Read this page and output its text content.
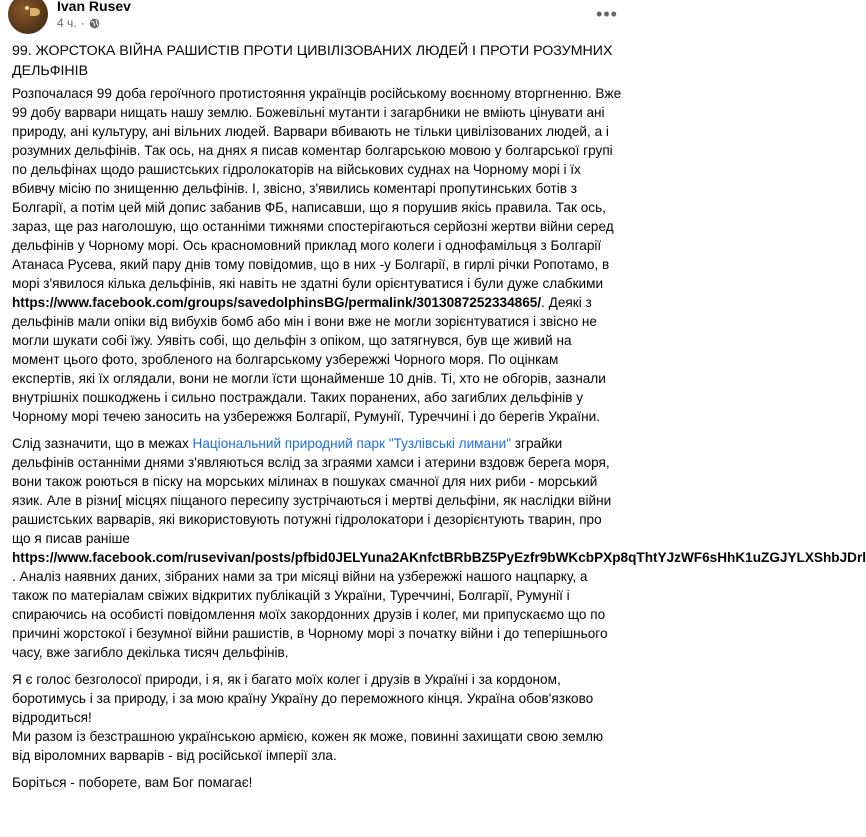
Ivan Rusev
4 ч. ·	•••
99. ЖОРСТОКА ВІЙНА РАШИСТІВ ПРОТИ ЦИВІЛІЗОВАНИХ ЛЮДЕЙ І ПРОТИ РОЗУМНИХ ДЕЛЬФІНІВ

Розпочалася 99 доба героїчного протистояння українців російському воєнному вторгненню. Вже 99 добу варвари нищать нашу землю. Божевільні мутанти і загарбники не вміють цінувати ані природу, ані культуру, ані вільних людей. Варвари вбивають не тільки цивілізованих людей, а і розумних дельфінів. Так ось, на днях я писав коментар болгарською мовою у болгарської групі по дельфінах щодо рашистських гідролокаторів на військових суднах на Чорному морі і їх вбивчу місію по знищенню дельфінів. І, звісно, з'явились коментарі пропутинських ботів з Болгарії, а потім цей мій допис забанив ФБ, написавши, що я порушив якісь правила. Так ось, зараз, ще раз наголошую, що останніми тижнями спостерігаються серйозні жертви війни серед дельфінів у Чорному морі. Ось красномовний приклад мого колеги і однофамільця з Болгарії Атанаса Русева, який пару днів тому повідомив, що в них -у Болгарії, в гирлі річки Ропотамо, в морі з'явилося кілька дельфінів, які навіть не здатні були орієнтуватися і були дуже слабкими https://www.facebook.com/groups/savedolphinsBG/permalink/3013087252334865/. Деякі з дельфінів мали опіки від вибухів бомб або мін і вони вже не могли зорієнтуватися і звісно не могли шукати собі їжу. Уявіть собі, що дельфін з опіком, що затягнувся, був ще живий на момент цього фото, зробленого на болгарському узбережжі Чорного моря. По оцінкам експертів, які їх оглядали, вони не могли їсти щонайменше 10 днів. Ті, хто не обгорів, зазнали внутрішніх пошкоджень і сильно постраждали. Таких поранених, або загиблих дельфінів у Чорному морі течею заносить на узбережжя Болгарії, Румунії, Туреччині і до берегів України.

Слід зазначити, що в межах Національний природний парк "Тузлівські лимани" зграйки дельфінів останніми днями з'являються вслід за зграями хамси і атерини вздовж берега моря, вони також роються в піску на морських мілинах в пошуках смачної для них риби - морський язик. Але в різни[ місцях піщаного пересипу зустрічаються і мертві дельфіни, як наслідки війни рашистських варварів, які використовують потужні гідролокатори і дезорієнтують тварин, про що я писав раніше https://www.facebook.com/rusevivan/posts/pfbid0JELYuna2AKnfctBRbBZ5PyEzfr9bWKcbPXp8qThtYJzWF6sHhK1uZGJYLXShbJDrl . Аналіз наявних даних, зібраних нами за три місяці війни на узбережжі нашого нацпарку, а також по матеріалам свіжих відкритих публікацій з України, Туреччині, Болгарії, Румунії і спираючись на особисті повідомлення моїх закордонних друзів і колег, ми припускаємо що по причині жорстокої і безумної війни рашистів, в Чорному морі з початку війни і до теперішнього часу, вже загибло декілька тисяч дельфінів.

Я є голос безголосої природи, і я, як і багато моїх колег і друзів в Україні і за кордоном, боротимусь і за природу, і за мою країну Україну до переможного кінця. Україна обов'язково відродиться!
Ми разом із безстрашною українською армією, кожен як може, повинні захищати свою землю від віроломних варварів - від російської імперії зла.

Боріться - поборете, вам Бог помагає!
